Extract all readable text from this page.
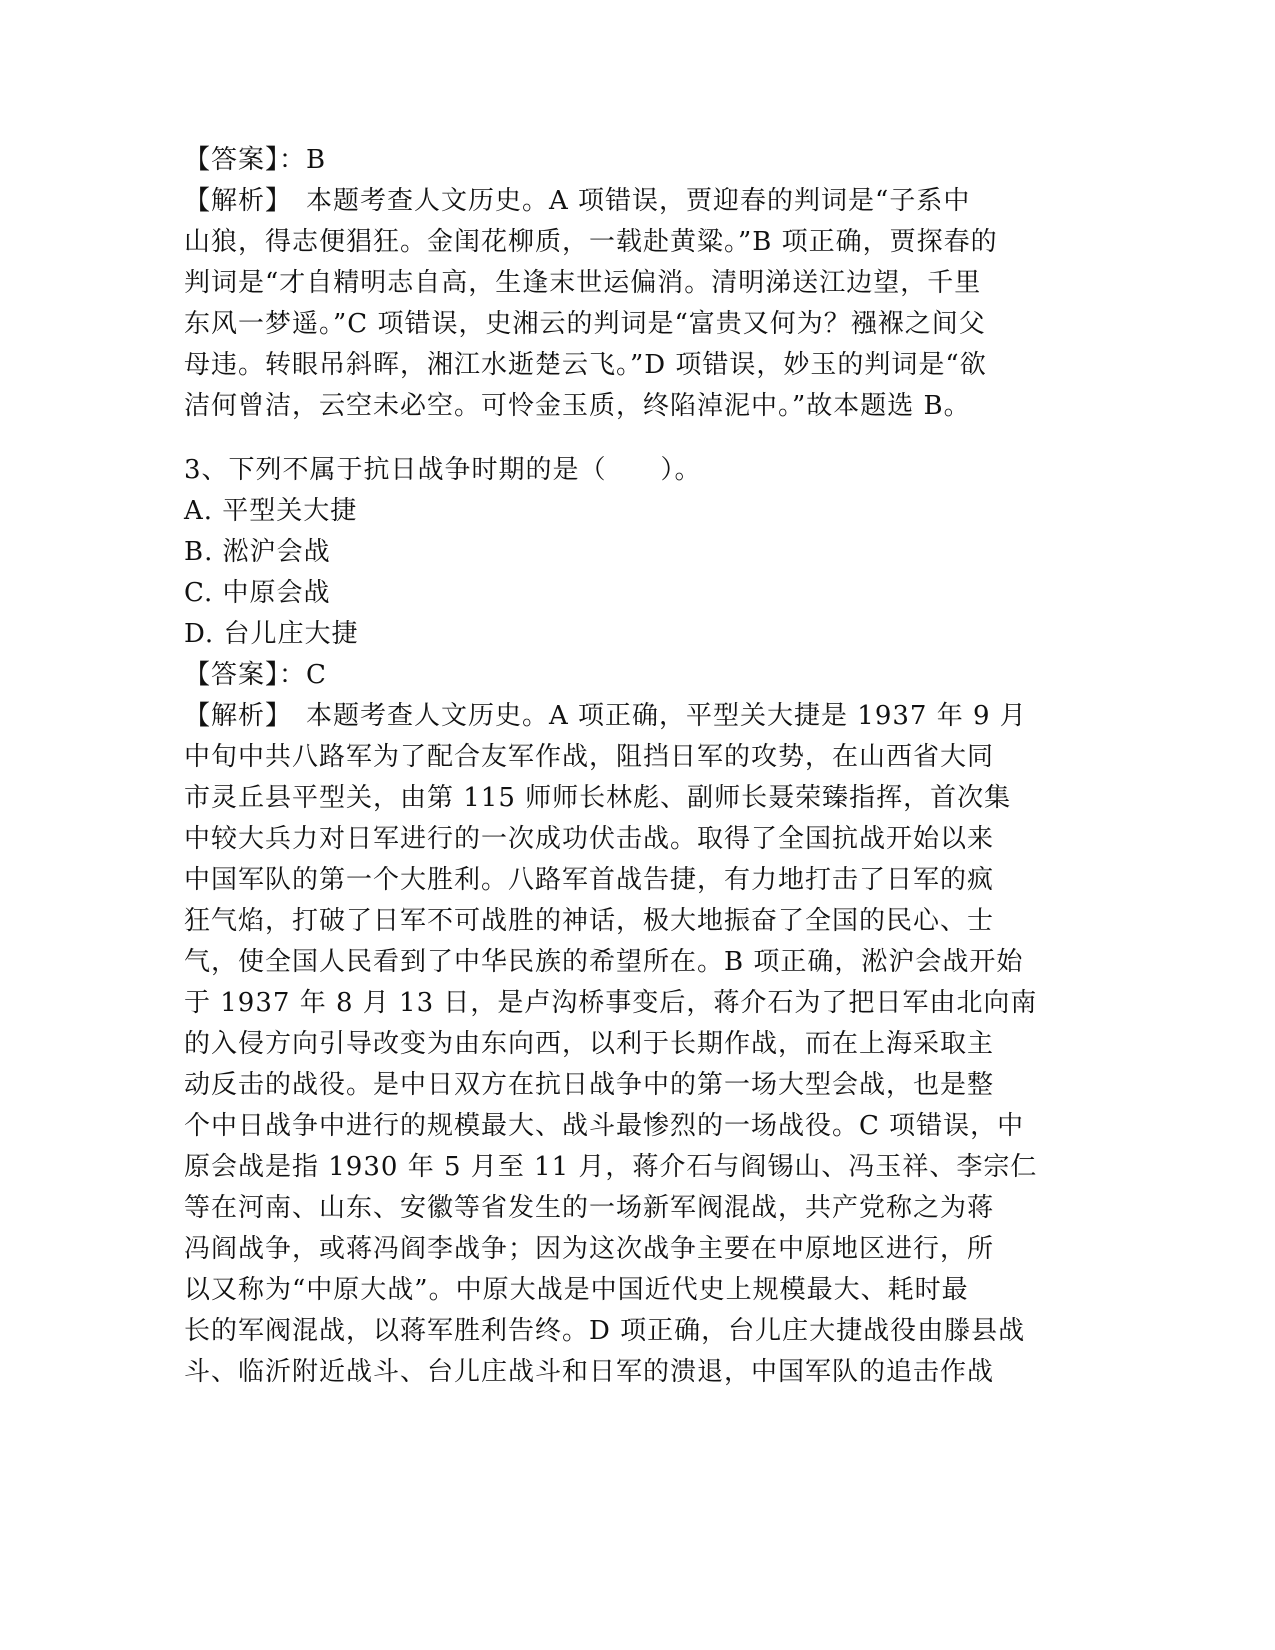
【答案】：B
【解析】　本题考查人文历史。A 项错误，贾迎春的判词是“子系中
山狼，得志便猖狂。金闺花柳质，一载赴黄粱。”B 项正确，贾探春的
判词是“才自精明志自高，生逢末世运偏消。清明涕送江边望，千里
东风一梦遥。”C 项错误，史湘云的判词是“富贵又何为？襁褓之间父
母违。转眼吊斜晖，湘江水逝楚云飞。”D 项错误，妙玉的判词是“欲
洁何曾洁，云空未必空。可怜金玉质，终陷淖泥中。”故本题选 B。
3、下列不属于抗日战争时期的是（　　）。
A. 平型关大捷
B. 淞沪会战
C. 中原会战
D. 台儿庄大捷
【答案】：C
【解析】　本题考查人文历史。A 项正确，平型关大捷是 1937 年 9 月
中旬中共八路军为了配合友军作战，阻挡日军的攻势，在山西省大同
市灵丘县平型关，由第 115 师师长林彪、副师长聂荣臻指挥，首次集
中较大兵力对日军进行的一次成功伏击战。取得了全国抗战开始以来
中国军队的第一个大胜利。八路军首战告捷，有力地打击了日军的疯
狂气焰，打破了日军不可战胜的神话，极大地振奋了全国的民心、士
气，使全国人民看到了中华民族的希望所在。B 项正确，淞沪会战开始
于 1937 年 8 月 13 日，是卢沟桥事变后，蒋介石为了把日军由北向南
的入侵方向引导改变为由东向西，以利于长期作战，而在上海采取主
动反击的战役。是中日双方在抗日战争中的第一场大型会战，也是整
个中日战争中进行的规模最大、战斗最惨烈的一场战役。C 项错误，中
原会战是指 1930 年 5 月至 11 月，蒋介石与阎锡山、冯玉祥、李宗仁
等在河南、山东、安徽等省发生的一场新军阀混战，共产党称之为蒋
冯阎战争，或蒋冯阎李战争；因为这次战争主要在中原地区进行，所
以又称为“中原大战”。中原大战是中国近代史上规模最大、耗时最
长的军阀混战，以蒋军胜利告终。D 项正确，台儿庄大捷战役由滕县战
斗、临沂附近战斗、台儿庄战斗和日军的溃退，中国军队的追击作战
